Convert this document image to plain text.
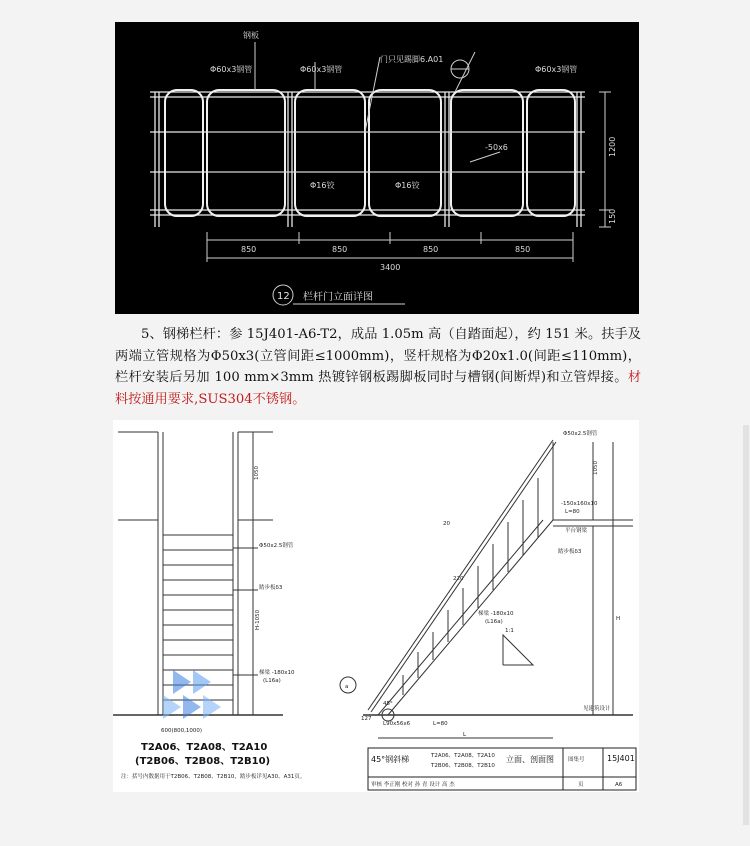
钢板
Φ60x3钢管	Φ60x3钢管
门只见踢脚6.A01
Φ60x3钢管
-50x6
Φ16铰	Φ16铰
850	850	850	850
3400
1200
150
12 栏杆门立面详图

5、钢梯栏杆：参 15J401-A6-T2，成品 1.05m 高（自踏面起），约 151 米。扶手及两端立管规格为Φ50x3(立管间距≤1000mm)，竖杆规格为Φ20x1.0(间距≤110mm)，栏杆安装后另加 100 mm×3mm 热镀锌钢板踢脚板同时与槽钢(间断焊)和立管焊接。材料按通用要求,SUS304不锈钢。

1050
H-1050
Φ50x2.5钢管
踏步板δ3
梯梁 -180x10
(L16a)
600(800,1000)
T2A06、T2A08、T2A10
(T2B06、T2B08、T2B10)
注：括号内数据用于T2B06、T2B08、T2B10，踏步板详见A30、A31页。
Φ50x2.5钢管
1050
-150x160x10
L=80
平台钢梁
踏步板δ3
梯梁 -180x10
(L16a)
45°
L90x56x6	L=80
见建筑设计
127
20
220
H
L
1:1
a
45°钢斜梯	T2A06、T2A08、T2A10
T2B06、T2B08、T2B10
立面、剖面图	图集号	15J401
审核 李正刚 校对 孙 青 设计 高 杰	页	A6
